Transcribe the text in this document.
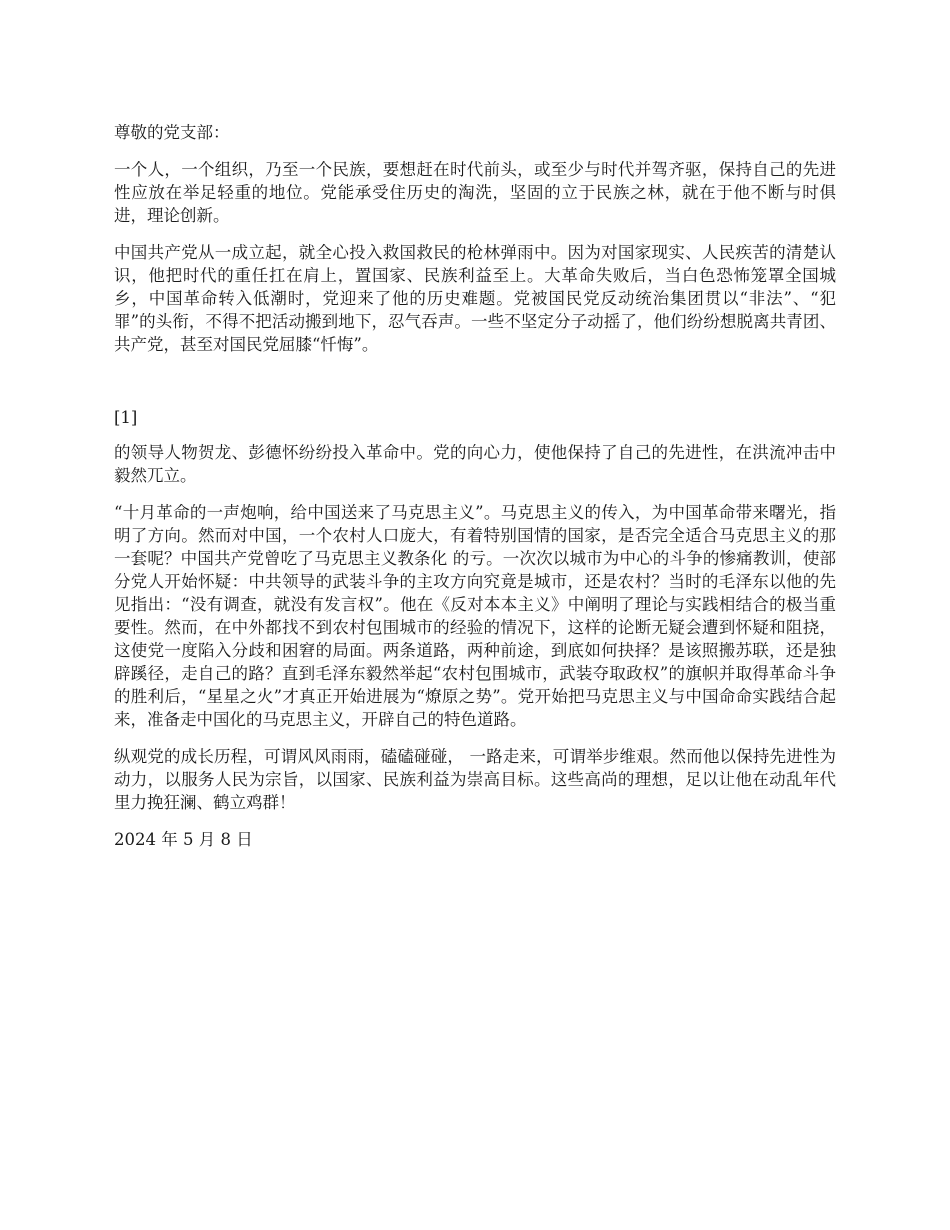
尊敬的党支部：

一个人，一个组织，乃至一个民族，要想赶在时代前头，或至少与时代并驾齐驱，保持自己的先进性应放在举足轻重的地位。党能承受住历史的淘洗，坚固的立于民族之林，就在于他不断与时俱进，理论创新。

中国共产党从一成立起，就全心投入救国救民的枪林弹雨中。因为对国家现实、人民疾苦的清楚认识，他把时代的重任扛在肩上，置国家、民族利益至上。大革命失败后，当白色恐怖笼罩全国城乡，中国革命转入低潮时，党迎来了他的历史难题。党被国民党反动统治集团贯以“非法”、“犯罪”的头衔，不得不把活动搬到地下，忍气吞声。一些不坚定分子动摇了，他们纷纷想脱离共青团、共产党，甚至对国民党屈膝“忏悔”。

[1]

的领导人物贺龙、彭德怀纷纷投入革命中。党的向心力，使他保持了自己的先进性，在洪流冲击中毅然兀立。

“十月革命的一声炮响，给中国送来了马克思主义”。马克思主义的传入，为中国革命带来曙光，指明了方向。然而对中国，一个农村人口庞大，有着特别国情的国家，是否完全适合马克思主义的那一套呢？中国共产党曾吃了马克思主义教条化 的亏。一次次以城市为中心的斗争的惨痛教训，使部分党人开始怀疑：中共领导的武装斗争的主攻方向究竟是城市，还是农村？当时的毛泽东以他的先见指出：“没有调查，就没有发言权”。他在《反对本本主义》中阐明了理论与实践相结合的极当重要性。然而，在中外都找不到农村包围城市的经验的情况下，这样的论断无疑会遭到怀疑和阻挠，这使党一度陷入分歧和困窘的局面。两条道路，两种前途，到底如何抉择？是该照搬苏联，还是独辟蹊径，走自己的路？直到毛泽东毅然举起“农村包围城市，武装夺取政权”的旗帜并取得革命斗争的胜利后，“星星之火”才真正开始进展为“燎原之势”。党开始把马克思主义与中国命命实践结合起来，准备走中国化的马克思主义，开辟自己的特色道路。

纵观党的成长历程，可谓风风雨雨，磕磕碰碰， 一路走来，可谓举步维艰。然而他以保持先进性为动力，以服务人民为宗旨，以国家、民族利益为崇高目标。这些高尚的理想，足以让他在动乱年代里力挽狂澜、鹤立鸡群！

2024 年 5 月 8 日
